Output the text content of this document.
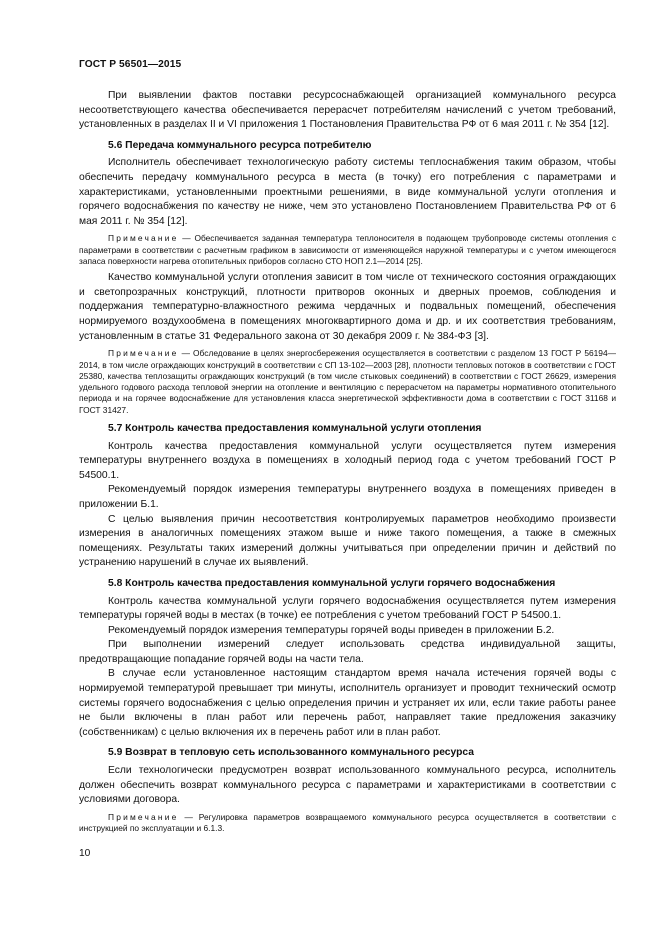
ГОСТ Р 56501—2015

При выявлении фактов поставки ресурсоснабжающей организацией коммунального ресурса несоответствующего качества обеспечивается перерасчет потребителям начислений с учетом требований, установленных в разделах II и VI приложения 1 Постановления Правительства РФ от 6 мая 2011 г. № 354 [12].

5.6 Передача коммунального ресурса потребителю

Исполнитель обеспечивает технологическую работу системы теплоснабжения таким образом, чтобы обеспечить передачу коммунального ресурса в места (в точку) его потребления с параметрами и характеристиками, установленными проектными решениями, в виде коммунальной услуги отопления и горячего водоснабжения по качеству не ниже, чем это установлено Постановлением Правительства РФ от 6 мая 2011 г. № 354 [12].

Примечание — Обеспечивается заданная температура теплоносителя в подающем трубопроводе системы отопления с параметрами в соответствии с расчетным графиком в зависимости от изменяющейся наружной температуры и с учетом имеющегося запаса поверхности нагрева отопительных приборов согласно СТО НОП 2.1—2014 [25].

Качество коммунальной услуги отопления зависит в том числе от технического состояния ограждающих и светопрозрачных конструкций, плотности притворов оконных и дверных проемов, соблюдения и поддержания температурно-влажностного режима чердачных и подвальных помещений, обеспечения нормируемого воздухообмена в помещениях многоквартирного дома и др. и их соответствия требованиям, установленным в статье 31 Федерального закона от 30 декабря 2009 г. № 384-ФЗ [3].

Примечание — Обследование в целях энергосбережения осуществляется в соответствии с разделом 13 ГОСТ Р 56194—2014, в том числе ограждающих конструкций в соответствии с СП 13-102—2003 [28], плотности тепловых потоков в соответствии с ГОСТ 25380, качества теплозащиты ограждающих конструкций (в том числе стыковых соединений) в соответствии с ГОСТ 26629, измерения удельного годового расхода тепловой энергии на отопление и вентиляцию с перерасчетом на параметры нормативного отопительного периода и на горячее водоснабжение для установления класса энергетической эффективности дома в соответствии с ГОСТ 31168 и ГОСТ 31427.

5.7 Контроль качества предоставления коммунальной услуги отопления

Контроль качества предоставления коммунальной услуги осуществляется путем измерения температуры внутреннего воздуха в помещениях в холодный период года с учетом требований ГОСТ Р 54500.1.

Рекомендуемый порядок измерения температуры внутреннего воздуха в помещениях приведен в приложении Б.1.

С целью выявления причин несоответствия контролируемых параметров необходимо произвести измерения в аналогичных помещениях этажом выше и ниже такого помещения, а также в смежных помещениях. Результаты таких измерений должны учитываться при определении причин и действий по устранению нарушений в случае их выявлений.

5.8 Контроль качества предоставления коммунальной услуги горячего водоснабжения

Контроль качества коммунальной услуги горячего водоснабжения осуществляется путем измерения температуры горячей воды в местах (в точке) ее потребления с учетом требований ГОСТ Р 54500.1.

Рекомендуемый порядок измерения температуры горячей воды приведен в приложении Б.2.

При выполнении измерений следует использовать средства индивидуальной защиты, предотвращающие попадание горячей воды на части тела.

В случае если установленное настоящим стандартом время начала истечения горячей воды с нормируемой температурой превышает три минуты, исполнитель организует и проводит технический осмотр системы горячего водоснабжения с целью определения причин и устраняет их или, если такие работы ранее не были включены в план работ или перечень работ, направляет такие предложения заказчику (собственникам) с целью включения их в перечень работ или в план работ.

5.9 Возврат в тепловую сеть использованного коммунального ресурса

Если технологически предусмотрен возврат использованного коммунального ресурса, исполнитель должен обеспечить возврат коммунального ресурса с параметрами и характеристиками в соответствии с условиями договора.

Примечание — Регулировка параметров возвращаемого коммунального ресурса осуществляется в соответствии с инструкцией по эксплуатации и 6.1.3.

10
